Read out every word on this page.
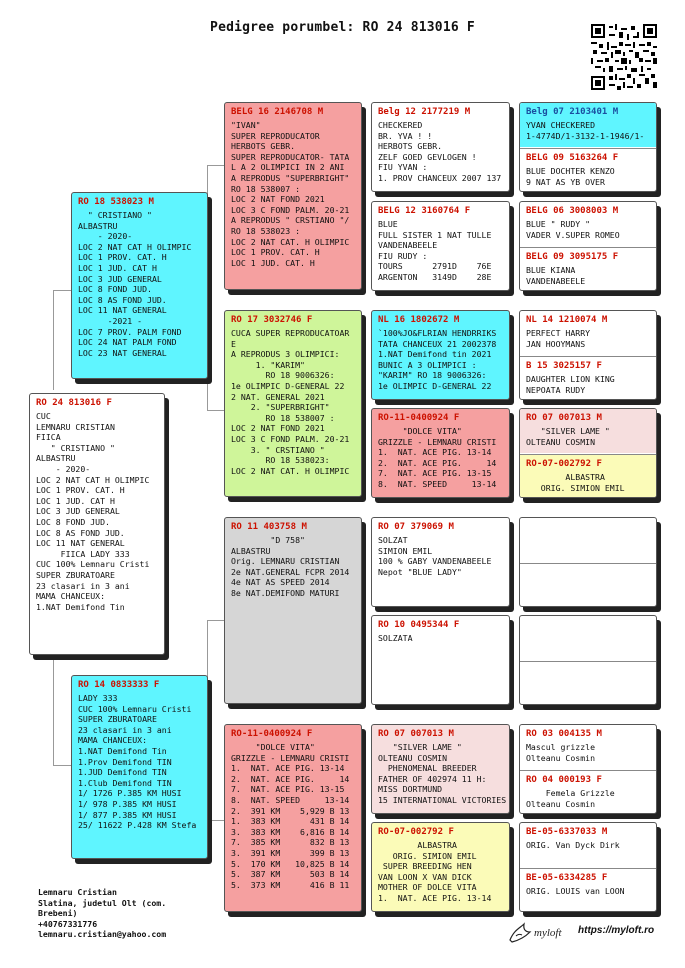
Pedigree porumbel: RO 24 813016 F
RO 24 813016 F
CUC
LEMNARU CRISTIAN
FIICA
" CRISTIANO "
ALBASTRU
- 2020-
LOC 2 NAT CAT H OLIMPIC
LOC 1 PROV. CAT. H
LOC 1 JUD. CAT H
LOC 3 JUD GENERAL
LOC 8 FOND JUD.
LOC 8 AS FOND JUD.
LOC 11 NAT GENERAL
FIICA LADY 333
CUC 100% Lemnaru Cristi
SUPER ZBURATOARE
23 clasari in 3 ani
MAMA CHANCEUX:
1.NAT Demifond Tin
RO 18 538023 M
" CRISTIANO "
ALBASTRU
- 2020-
LOC 2 NAT CAT H OLIMPIC
LOC 1 PROV. CAT. H
LOC 1 JUD. CAT H
LOC 3 JUD GENERAL
LOC 8 FOND JUD.
LOC 8 AS FOND JUD.
LOC 11 NAT GENERAL
-2021 -
LOC 7 PROV. PALM FOND
LOC 24 NAT PALM FOND
LOC 23 NAT GENERAL
RO 14 0833333 F
LADY 333
CUC 100% Lemnaru Cristi
SUPER ZBURATOARE
23 clasari in 3 ani
MAMA CHANCEUX:
1.NAT Demifond Tin
1.Prov Demifond TIN
1.JUD Demifond TIN
1.Club Demifond TIN
1/ 1726 P.385 KM HUSI
1/ 978 P.385 KM HUSI
1/ 877 P.385 KM HUSI
25/ 11622 P.428 KM Stefa
BELG 16 2146708 M
"IVAN"
SUPER REPRODUCATOR
HERBOTS GEBR.
SUPER REPRODUCATOR- TATA
L A 2 OLIMPICI IN 2 ANI
A REPRODUS "SUPERBRIGHT"
RO 18 538007 :
LOC 2 NAT FOND 2021
LOC 3 C FOND PALM. 20-21
A REPRODUS " CRSTIANO "/
RO 18 538023 :
LOC 2 NAT CAT. H OLIMPIC
LOC 1 PROV. CAT. H
LOC 1 JUD. CAT. H
RO 17 3032746 F
CUCA SUPER REPRODUCATOAR
E
A REPRODUS 3 OLIMPICI:
1. "KARIM"
RO 18 9006326:
1e OLIMPIC D-GENERAL 22
2 NAT. GENERAL 2021
2. "SUPERBRIGHT"
RO 18 538007 :
LOC 2 NAT FOND 2021
LOC 3 C FOND PALM. 20-21
3. " CRSTIANO "
RO 18 538023:
LOC 2 NAT CAT. H OLIMPIC
RO 11 403758 M
"D 758"
ALBASTRU
Orig. LEMNARU CRISTIAN
2e NAT.GENERAL FCPR 2014
4e NAT AS SPEED 2014
8e NAT.DEMIFOND MATURI
RO-11-0400924 F
"DOLCE VITA"
GRIZZLE - LEMNARU CRISTI
1.  NAT. ACE PIG. 13-14
2.  NAT. ACE PIG.     14
7.  NAT. ACE PIG. 13-15
8.  NAT. SPEED     13-14
2.  391 KM    5,929 B 13
1.  383 KM      431 B 14
3.  383 KM    6,816 B 14
7.  385 KM      832 B 13
3.  391 KM      399 B 13
5.  170 KM   10,825 B 14
5.  387 KM      503 B 14
5.  373 KM      416 B 11
Belg 12 2177219 M
CHECKERED
BR. YVA ! !
HERBOTS GEBR.
ZELF GOED GEVLOGEN !
FIU YVAN :
1. PROV CHANCEUX 2007 137
BELG 12 3160764 F
BLUE
FULL SISTER 1 NAT TULLE
VANDENABEELE
FIU RUDY :
TOURS      2791D    76E
ARGENTON   3149D    28E
NL 16 1802672 M
`100%JO&FLRIAN HENDRRIKS
TATA CHANCEUX 21 2002378
1.NAT Demifond tin 2021
BUNIC A 3 OLIMPICI :
"KARIM" RO 18 9006326:
1e OLIMPIC D-GENERAL 22
RO-11-0400924 F
"DOLCE VITA"
GRIZZLE - LEMNARU CRISTI
1.  NAT. ACE PIG. 13-14
2.  NAT. ACE PIG.     14
7.  NAT. ACE PIG. 13-15
8.  NAT. SPEED     13-14
RO 07 379069 M
SOLZAT
SIMION EMIL
100 % GABY VANDENABEELE
Nepot "BLUE LADY"
RO 10 0495344 F
SOLZATA
RO 07 007013 M
"SILVER LAME "
OLTEANU COSMIN
PHENOMENAL BREEDER
FATHER OF 402974 11 H:
MISS DORTMUND
15 INTERNATIONAL VICTORIES
RO-07-002792 F
ALBASTRA
ORIG. SIMION EMIL
SUPER BREEDING HEN
VAN LOON X VAN DICK
MOTHER OF DOLCE VITA
1.  NAT. ACE PIG. 13-14
Belg 07 2103401 M
YVAN CHECKERED
1-4774D/1-3132-1-1946/1-
BELG 09 5163264 F
BLUE DOCHTER KENZO
9 NAT AS YB OVER
BELG 06 3008003 M
BLUE " RUDY "
VADER V.SUPER ROMEO
BELG 09 3095175 F
BLUE KIANA
VANDENABEELE
NL 14 1210074 M
PERFECT HARRY
JAN HOOYMANS
B 15 3025157 F
DAUGHTER LION KING
NEPOATA RUDY
RO 07 007013 M
"SILVER LAME "
OLTEANU COSMIN
RO-07-002792 F
ALBASTRA
ORIG. SIMION EMIL
RO 03 004135 M
Mascul grizzle
Olteanu Cosmin
RO 04 000193 F
Femela Grizzle
Olteanu Cosmin
BE-05-6337033 M
ORIG. Van Dyck Dirk
BE-05-6334285 F
ORIG. LOUIS van LOON
Lemnaru Cristian
Slatina, judetul Olt (com.
Brebeni)
+40767331776
lemnaru.cristian@yahoo.com	myloft https://myloft.ro
